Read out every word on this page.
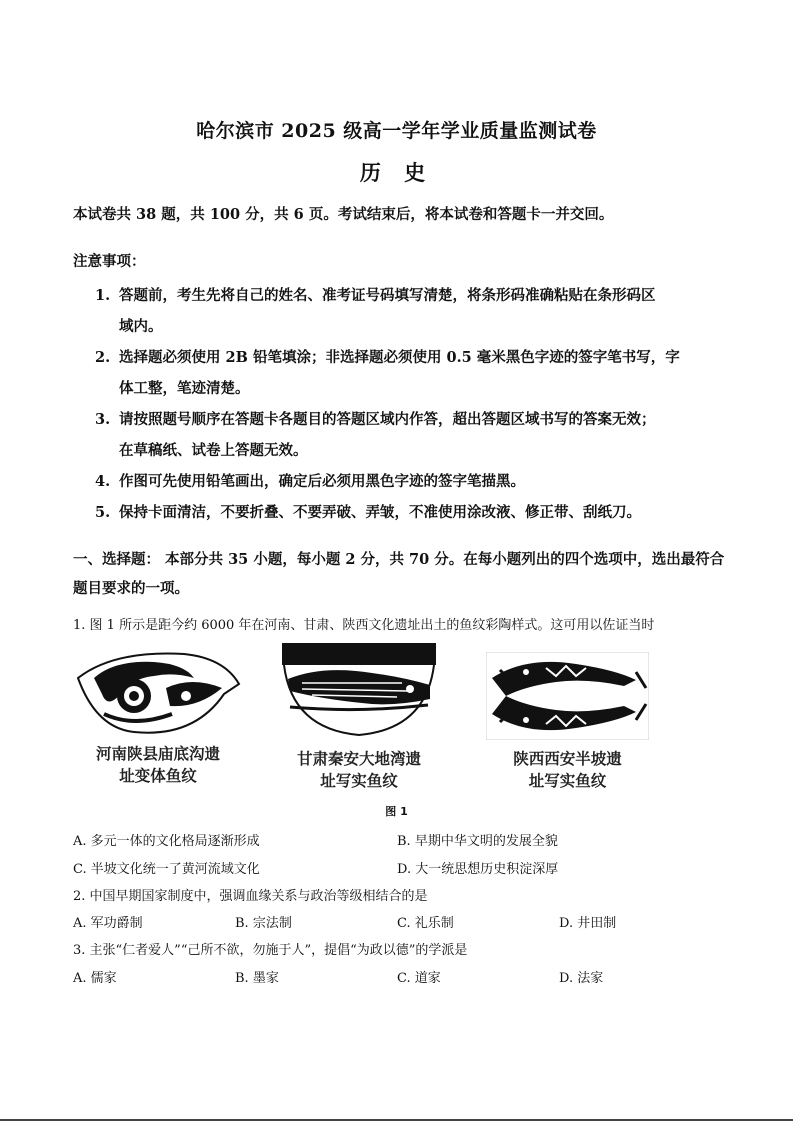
哈尔滨市 2025 级高一学年学业质量监测试卷
历 史
本试卷共 38 题，共 100 分，共 6 页。考试结束后，将本试卷和答题卡一并交回。
注意事项：
1. 答题前，考生先将自己的姓名、准考证号码填写清楚，将条形码准确粘贴在条形码区
域内。
2. 选择题必须使用 2B 铅笔填涂；非选择题必须使用 0.5 毫米黑色字迹的签字笔书写，字
体工整，笔迹清楚。
3. 请按照题号顺序在答题卡各题目的答题区域内作答，超出答题区域书写的答案无效；
在草稿纸、试卷上答题无效。
4. 作图可先使用铅笔画出，确定后必须用黑色字迹的签字笔描黑。
5. 保持卡面清洁，不要折叠、不要弄破、弄皱，不准使用涂改液、修正带、刮纸刀。
一、选择题： 本部分共 35 小题，每小题 2 分，共 70 分。在每小题列出的四个选项中，选出最符合题目要求的一项。
1. 图 1 所示是距今约 6000 年在河南、甘肃、陕西文化遗址出土的鱼纹彩陶样式。这可用以佐证当时
河南陕县庙底沟遗
址变体鱼纹
甘肃秦安大地湾遗
址写实鱼纹
陕西西安半坡遗
址写实鱼纹
图 1
A. 多元一体的文化格局逐渐形成	B. 早期中华文明的发展全貌
C. 半坡文化统一了黄河流域文化	D. 大一统思想历史积淀深厚
2. 中国早期国家制度中，强调血缘关系与政治等级相结合的是
A. 军功爵制	B. 宗法制	C. 礼乐制	D. 井田制
3. 主张“仁者爱人”“己所不欲，勿施于人”，提倡“为政以德”的学派是
A. 儒家	B. 墨家	C. 道家	D. 法家
